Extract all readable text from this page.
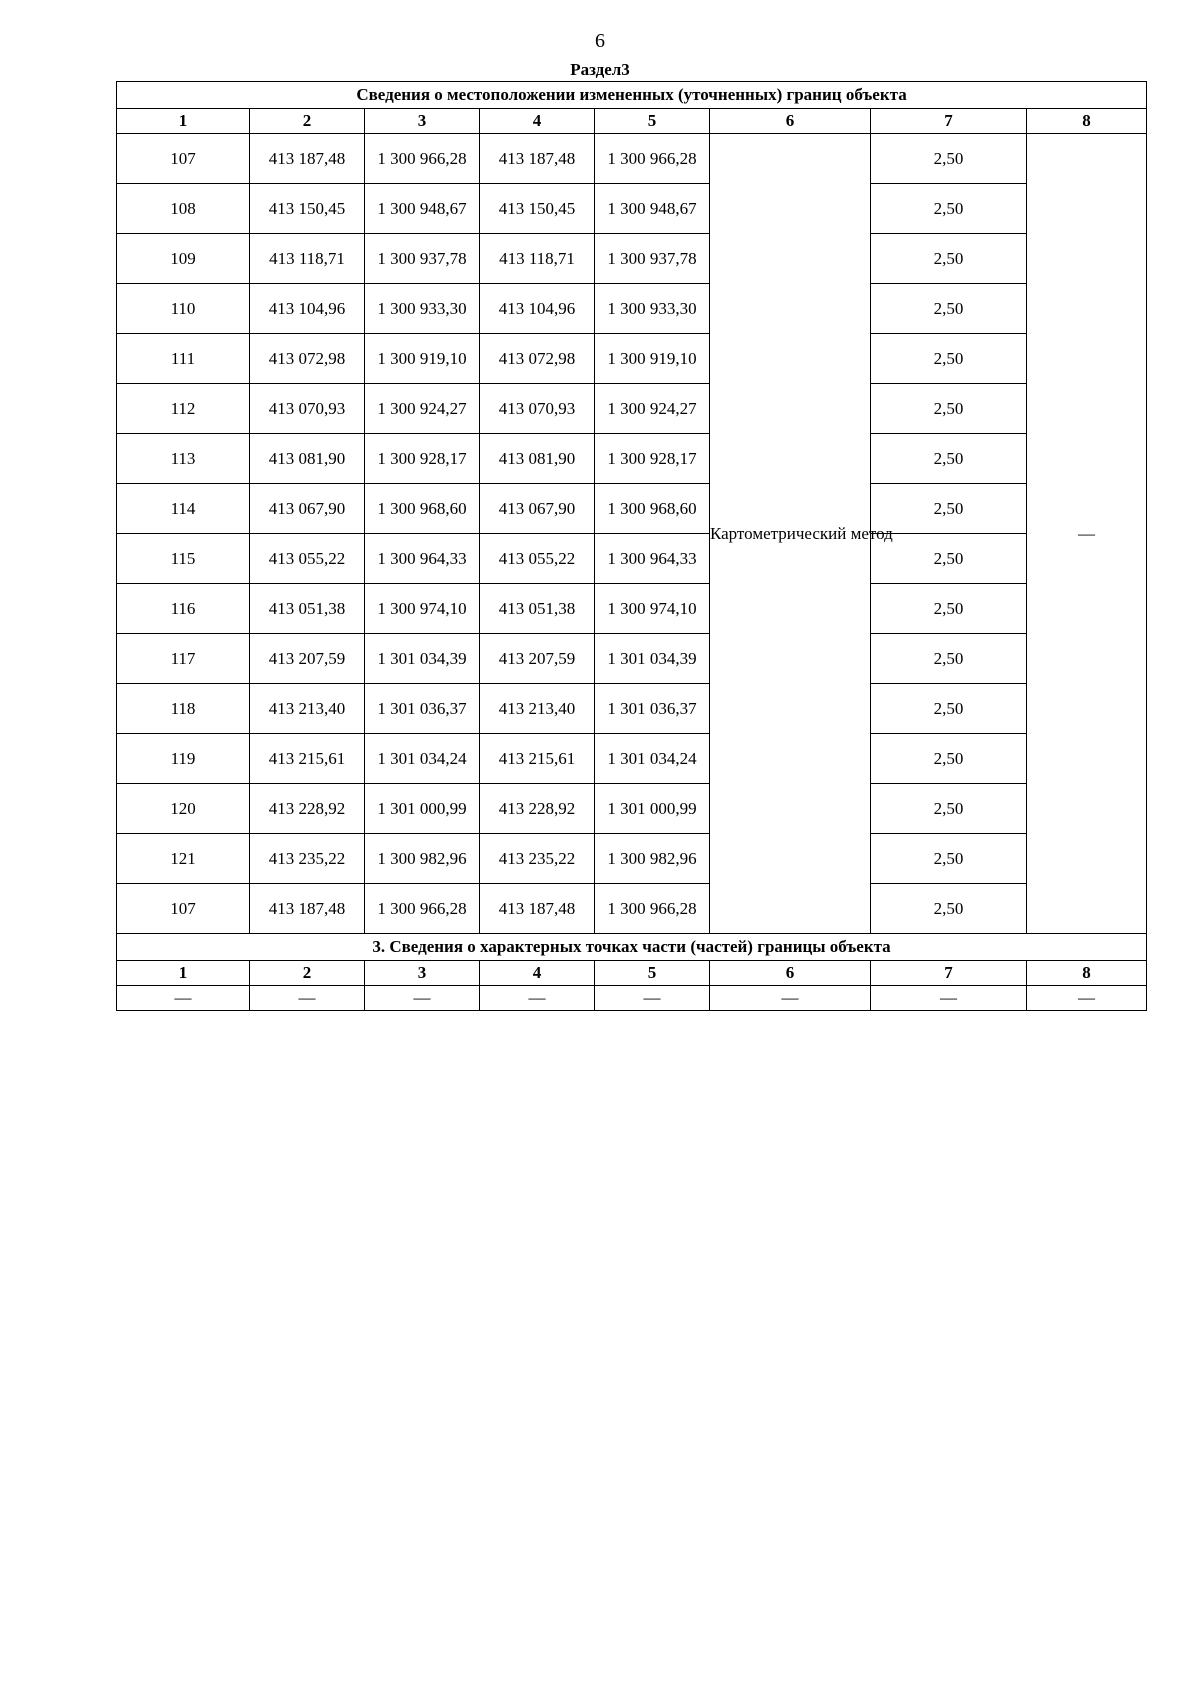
6
Раздел3
Сведения о местоположении измененных (уточненных) границ объекта							
1	2	3	4	5	6	7	8
107	413 187,48	1 300 966,28	413 187,48	1 300 966,28	Картометрический метод	2,50	—
108	413 150,45	1 300 948,67	413 150,45	1 300 948,67		2,50	
109	413 118,71	1 300 937,78	413 118,71	1 300 937,78		2,50	
110	413 104,96	1 300 933,30	413 104,96	1 300 933,30		2,50	
111	413 072,98	1 300 919,10	413 072,98	1 300 919,10		2,50	
112	413 070,93	1 300 924,27	413 070,93	1 300 924,27		2,50	
113	413 081,90	1 300 928,17	413 081,90	1 300 928,17		2,50	
114	413 067,90	1 300 968,60	413 067,90	1 300 968,60		2,50	
115	413 055,22	1 300 964,33	413 055,22	1 300 964,33		2,50	
116	413 051,38	1 300 974,10	413 051,38	1 300 974,10		2,50	
117	413 207,59	1 301 034,39	413 207,59	1 301 034,39		2,50	
118	413 213,40	1 301 036,37	413 213,40	1 301 036,37		2,50	
119	413 215,61	1 301 034,24	413 215,61	1 301 034,24		2,50	
120	413 228,92	1 301 000,99	413 228,92	1 301 000,99		2,50	
121	413 235,22	1 300 982,96	413 235,22	1 300 982,96		2,50	
107	413 187,48	1 300 966,28	413 187,48	1 300 966,28		2,50	
3. Сведения о характерных точках части (частей) границы объекта							
1	2	3	4	5	6	7	8
—	—	—	—	—	—	—	—
